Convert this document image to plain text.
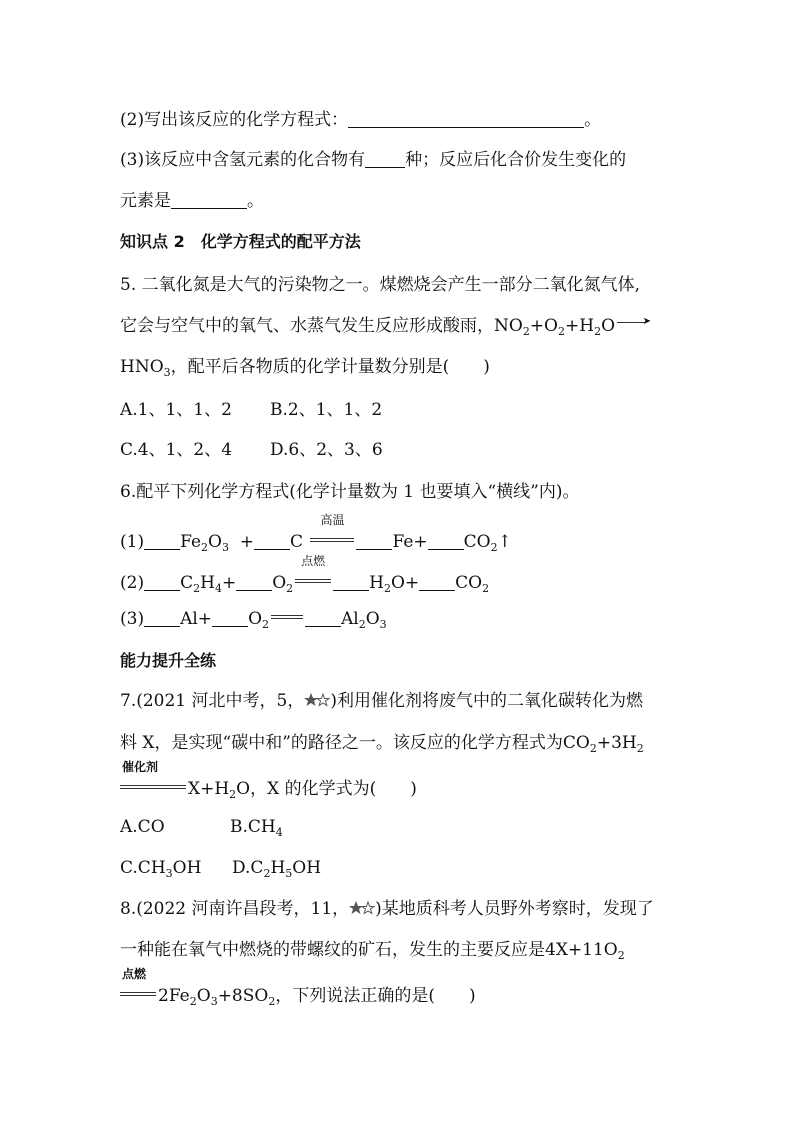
(2)写出该反应的化学方程式：	。
(3)该反应中含氢元素的化合物有 种；反应后化合价发生变化的
元素是	。
知识点 2　化学方程式的配平方法
5. 二氧化氮是大气的污染物之一。煤燃烧会产生一部分二氧化氮气体,
它会与空气中的氧气、水蒸气发生反应形成酸雨，$NO_2+O_2+H_2O$	➤
$HNO_3$，配平后各物质的化学计量数分别是(　　)
A.1、1、1、2 B.2、1、1、2
C.4、1、2、4 D.6、2、3、6
6.配平下列化学方程式(化学计量数为 1 也要填入“横线”内)。
(1) $Fe_2O_3 + C$
高温
$Fe+ CO_2↑$
(2) $C_2H_4+ O_2$
点燃
$H_2O+ CO_2$
(3) $Al+ O_2$	$Al_2O_3$
能力提升全练
7.(2021 河北中考，5， )利用催化剂将废气中的二氧化碳转化为燃
料 X，是实现“碳中和”的路径之一。该反应的化学方程式为$CO_2+3H_2$
催化剂
$X+H_2O$，X 的化学式为(　　)
A.CO	$B.CH_4$
$C.CH_3OH$ $D.C_2H_5OH$
8.(2022 河南许昌段考，11， )某地质科考人员野外考察时，发现了
一种能在氧气中燃烧的带螺纹的矿石，发生的主要反应是$4X+11O_2$
点燃
$2Fe_2O_3+8SO_2$，下列说法正确的是(　　)
